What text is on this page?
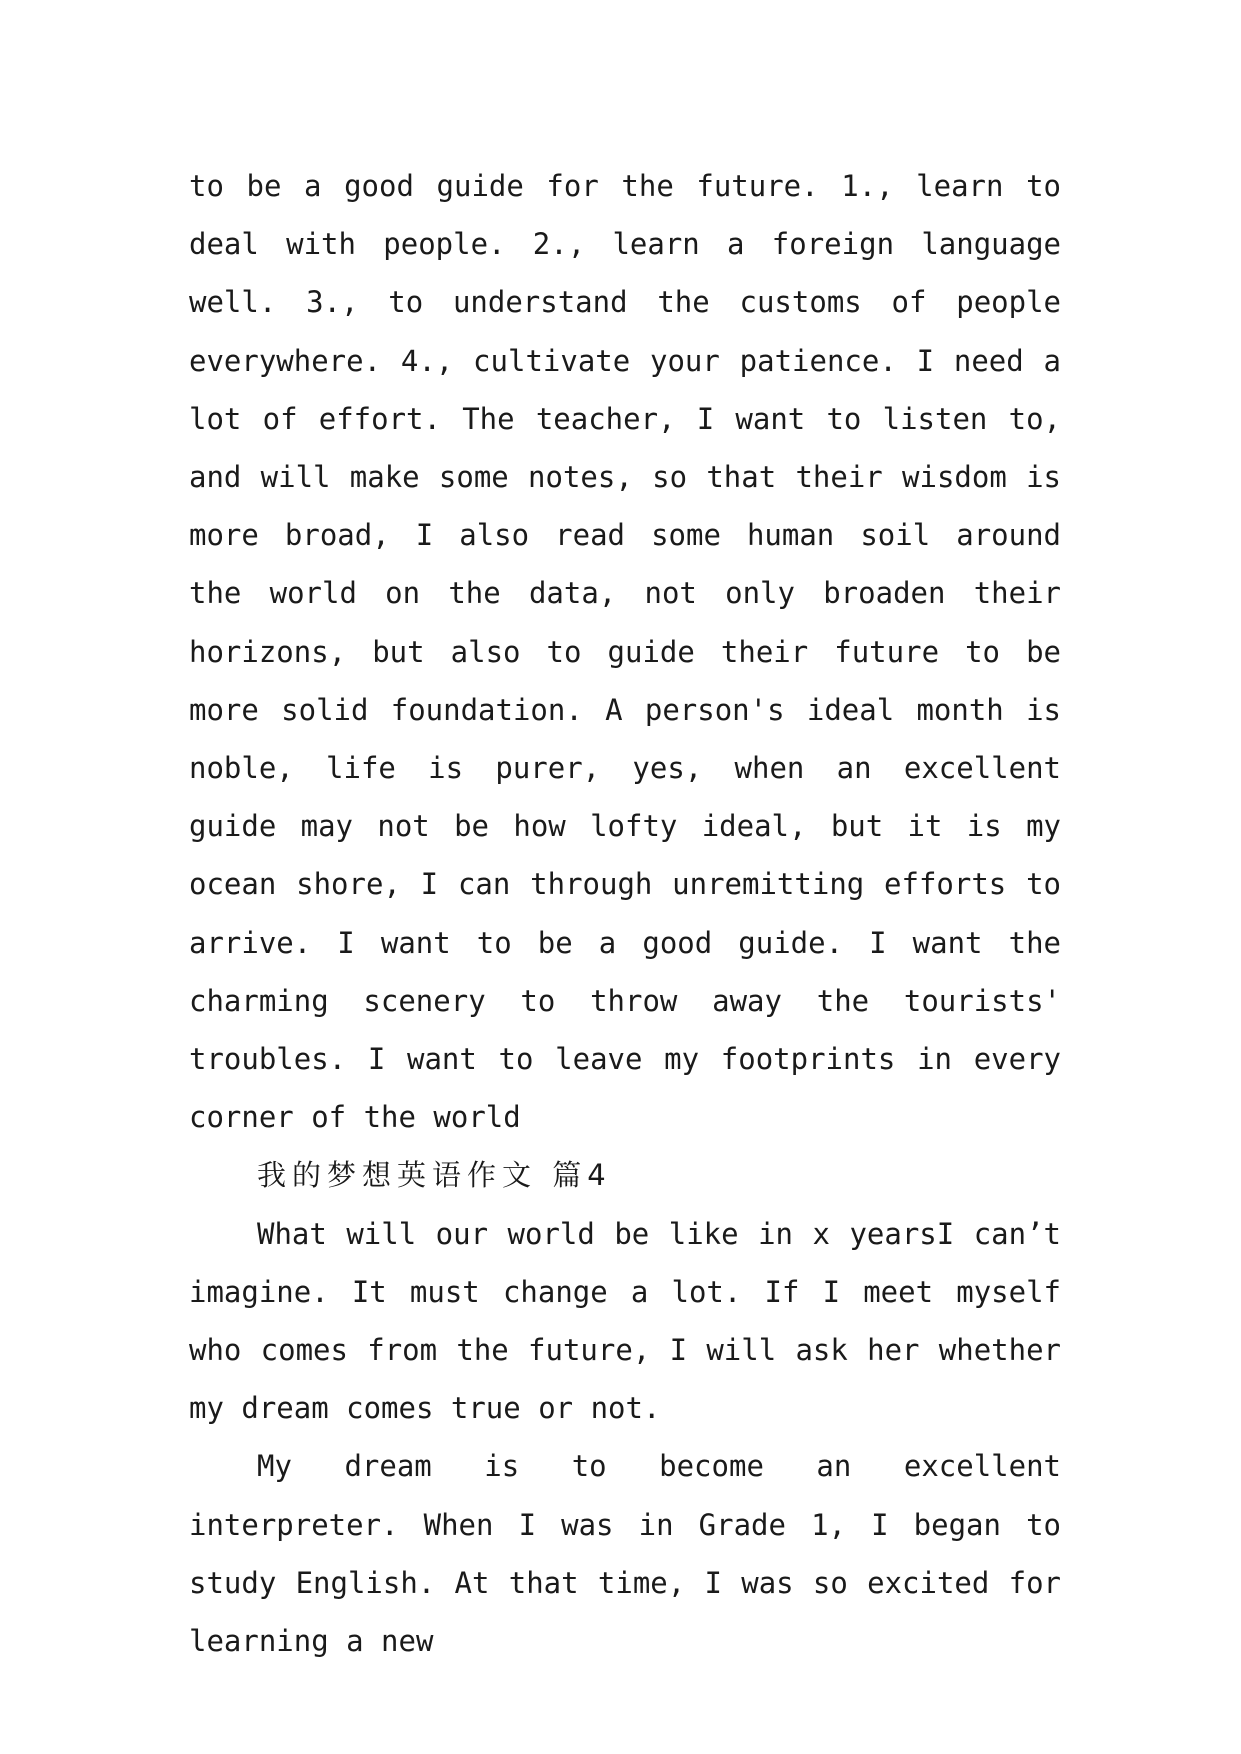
to be a good guide for the future. 1., learn to deal with people. 2., learn a foreign language well. 3., to understand the customs of people everywhere. 4., cultivate your patience. I need a lot of effort. The teacher, I want to listen to, and will make some notes, so that their wisdom is more broad, I also read some human soil around the world on the data, not only broaden their horizons, but also to guide their future to be more solid foundation. A person's ideal month is noble, life is purer, yes, when an excellent guide may not be how lofty ideal, but it is my ocean shore, I can through unremitting efforts to arrive. I want to be a good guide. I want the charming scenery to throw away the tourists' troubles. I want to leave my footprints in every corner of the world

我的梦想英语作文 篇4

What will our world be like in x yearsI can’t imagine. It must change a lot. If I meet myself who comes from the future, I will ask her whether my dream comes true or not.

My dream is to become an excellent interpreter. When I was in Grade 1, I began to study English. At that time, I was so excited for learning a new
